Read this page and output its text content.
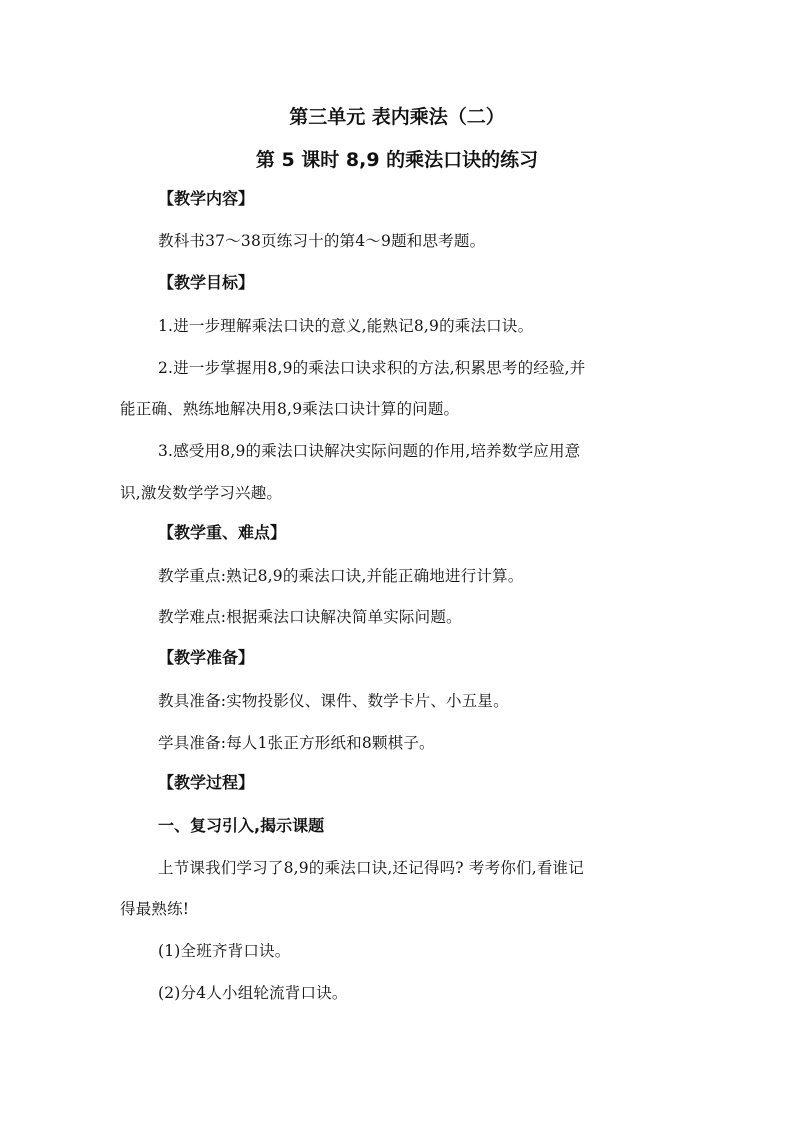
第三单元 表内乘法（二）
第 5 课时 8,9 的乘法口诀的练习
【教学内容】
教科书37～38页练习十的第4～9题和思考题。
【教学目标】
1.进一步理解乘法口诀的意义,能熟记8,9的乘法口诀。
2.进一步掌握用8,9的乘法口诀求积的方法,积累思考的经验,并
能正确、熟练地解决用8,9乘法口诀计算的问题。
3.感受用8,9的乘法口诀解决实际问题的作用,培养数学应用意
识,激发数学学习兴趣。
【教学重、难点】
教学重点:熟记8,9的乘法口诀,并能正确地进行计算。
教学难点:根据乘法口诀解决简单实际问题。
【教学准备】
教具准备:实物投影仪、课件、数学卡片、小五星。
学具准备:每人1张正方形纸和8颗棋子。
【教学过程】
一、复习引入,揭示课题
上节课我们学习了8,9的乘法口诀,还记得吗? 考考你们,看谁记
得最熟练!
(1)全班齐背口诀。
(2)分4人小组轮流背口诀。
